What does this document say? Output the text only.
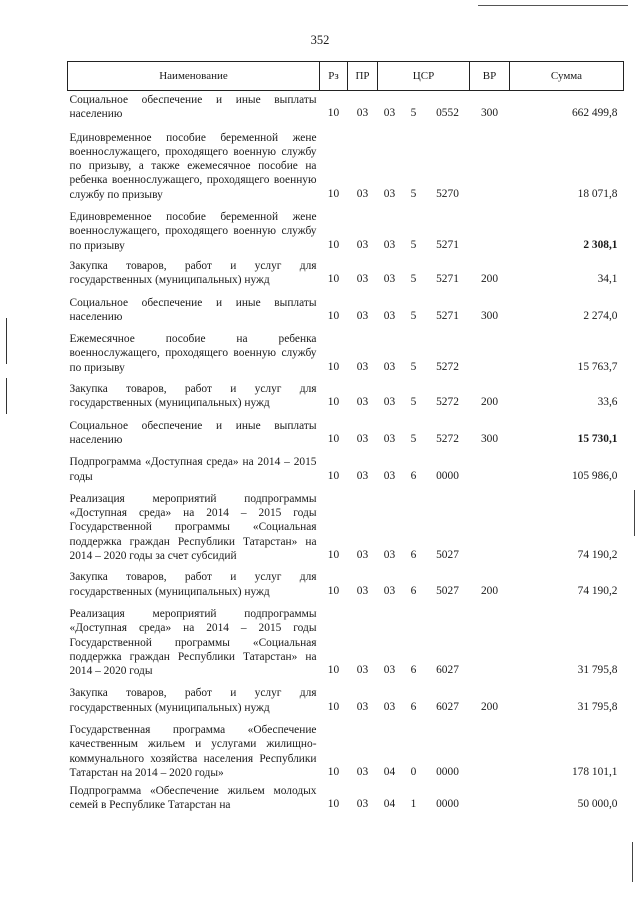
352
Наименование	Рз	ПР	ЦСР			ВР	Сумма
Социальное обеспечение и иные выплаты населению	10	03	03	5	0552	300	662 499,8
Единовременное пособие беременной жене военнослужащего, проходящего военную службу по призыву, а также ежемесячное пособие на ребенка военнослужащего, проходящего военную службу по призыву	10	03	03	5	5270		18 071,8
Единовременное пособие беременной жене военнослужащего, проходящего военную службу по призыву	10	03	03	5	5271		2 308,1
Закупка товаров, работ и услуг для государственных (муниципальных) нужд	10	03	03	5	5271	200	34,1
Социальное обеспечение и иные выплаты населению	10	03	03	5	5271	300	2 274,0
Ежемесячное пособие на ребенка военнослужащего, проходящего военную службу по призыву	10	03	03	5	5272		15 763,7
Закупка товаров, работ и услуг для государственных (муниципальных) нужд	10	03	03	5	5272	200	33,6
Социальное обеспечение и иные выплаты населению	10	03	03	5	5272	300	15 730,1
Подпрограмма «Доступная среда» на 2014 – 2015 годы	10	03	03	6	0000		105 986,0
Реализация мероприятий подпрограммы «Доступная среда» на 2014 – 2015 годы Государственной программы «Социальная поддержка граждан Республики Татарстан» на 2014 – 2020 годы за счет субсидий	10	03	03	6	5027		74 190,2
Закупка товаров, работ и услуг для государственных (муниципальных) нужд	10	03	03	6	5027	200	74 190,2
Реализация мероприятий подпрограммы «Доступная среда» на 2014 – 2015 годы Государственной программы «Социальная поддержка граждан Республики Татарстан» на 2014 – 2020 годы	10	03	03	6	6027		31 795,8
Закупка товаров, работ и услуг для государственных (муниципальных) нужд	10	03	03	6	6027	200	31 795,8
Государственная программа «Обеспечение качественным жильем и услугами жилищно-коммунального хозяйства населения Республики Татарстан на 2014 – 2020 годы»	10	03	04	0	0000		178 101,1
Подпрограмма «Обеспечение жильем молодых семей в Республике Татарстан на	10	03	04	1	0000		50 000,0
